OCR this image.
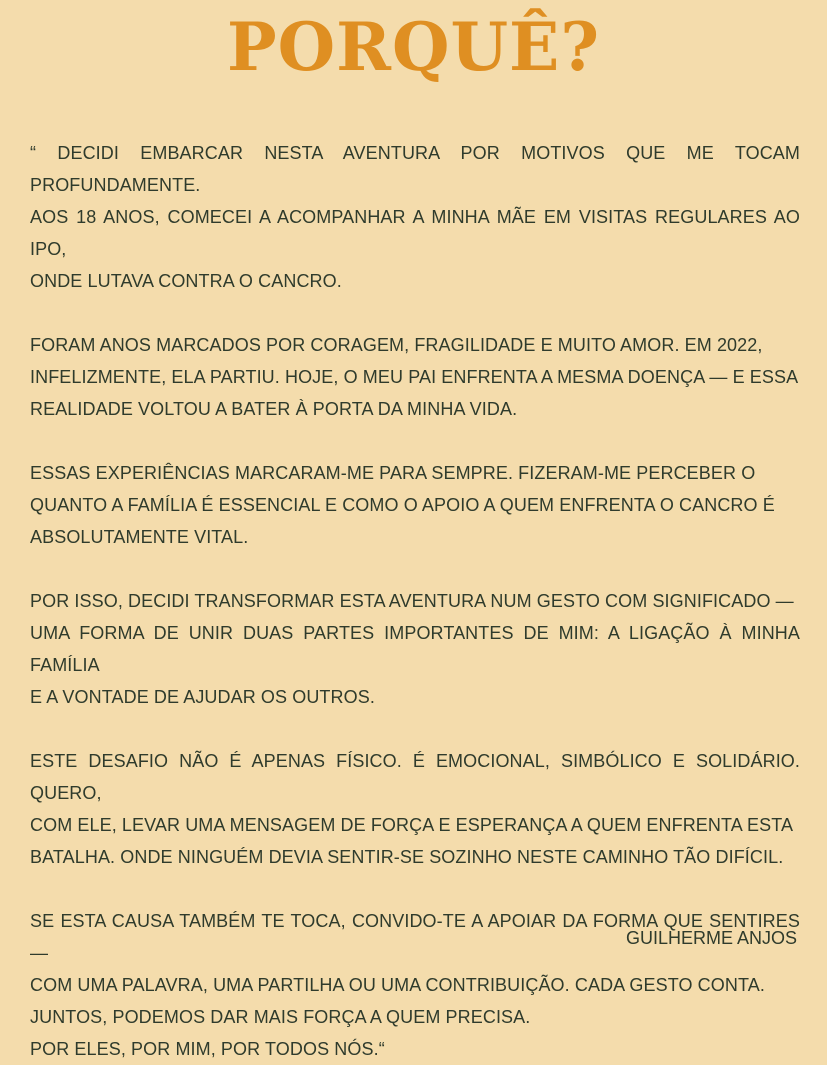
PORQUÊ?

“ DECIDI EMBARCAR NESTA AVENTURA POR MOTIVOS QUE ME TOCAM PROFUNDAMENTE.
AOS 18 ANOS, COMECEI A ACOMPANHAR A MINHA MÃE EM VISITAS REGULARES AO IPO,
ONDE LUTAVA CONTRA O CANCRO.

FORAM ANOS MARCADOS POR CORAGEM, FRAGILIDADE E MUITO AMOR. EM 2022,
INFELIZMENTE, ELA PARTIU. HOJE, O MEU PAI ENFRENTA A MESMA DOENÇA — E ESSA
REALIDADE VOLTOU A BATER À PORTA DA MINHA VIDA.

ESSAS EXPERIÊNCIAS MARCARAM-ME PARA SEMPRE. FIZERAM-ME PERCEBER O
QUANTO A FAMÍLIA É ESSENCIAL E COMO O APOIO A QUEM ENFRENTA O CANCRO É
ABSOLUTAMENTE VITAL.

POR ISSO, DECIDI TRANSFORMAR ESTA AVENTURA NUM GESTO COM SIGNIFICADO —
UMA FORMA DE UNIR DUAS PARTES IMPORTANTES DE MIM: A LIGAÇÃO À MINHA FAMÍLIA
E A VONTADE DE AJUDAR OS OUTROS.

ESTE DESAFIO NÃO É APENAS FÍSICO. É EMOCIONAL, SIMBÓLICO E SOLIDÁRIO. QUERO,
COM ELE, LEVAR UMA MENSAGEM DE FORÇA E ESPERANÇA A QUEM ENFRENTA ESTA
BATALHA. ONDE NINGUÉM DEVIA SENTIR-SE SOZINHO NESTE CAMINHO TÃO DIFÍCIL.

SE ESTA CAUSA TAMBÉM TE TOCA, CONVIDO-TE A APOIAR DA FORMA QUE SENTIRES —
COM UMA PALAVRA, UMA PARTILHA OU UMA CONTRIBUIÇÃO. CADA GESTO CONTA.
JUNTOS, PODEMOS DAR MAIS FORÇA A QUEM PRECISA.
POR ELES, POR MIM, POR TODOS NÓS.“

GUILHERME ANJOS
